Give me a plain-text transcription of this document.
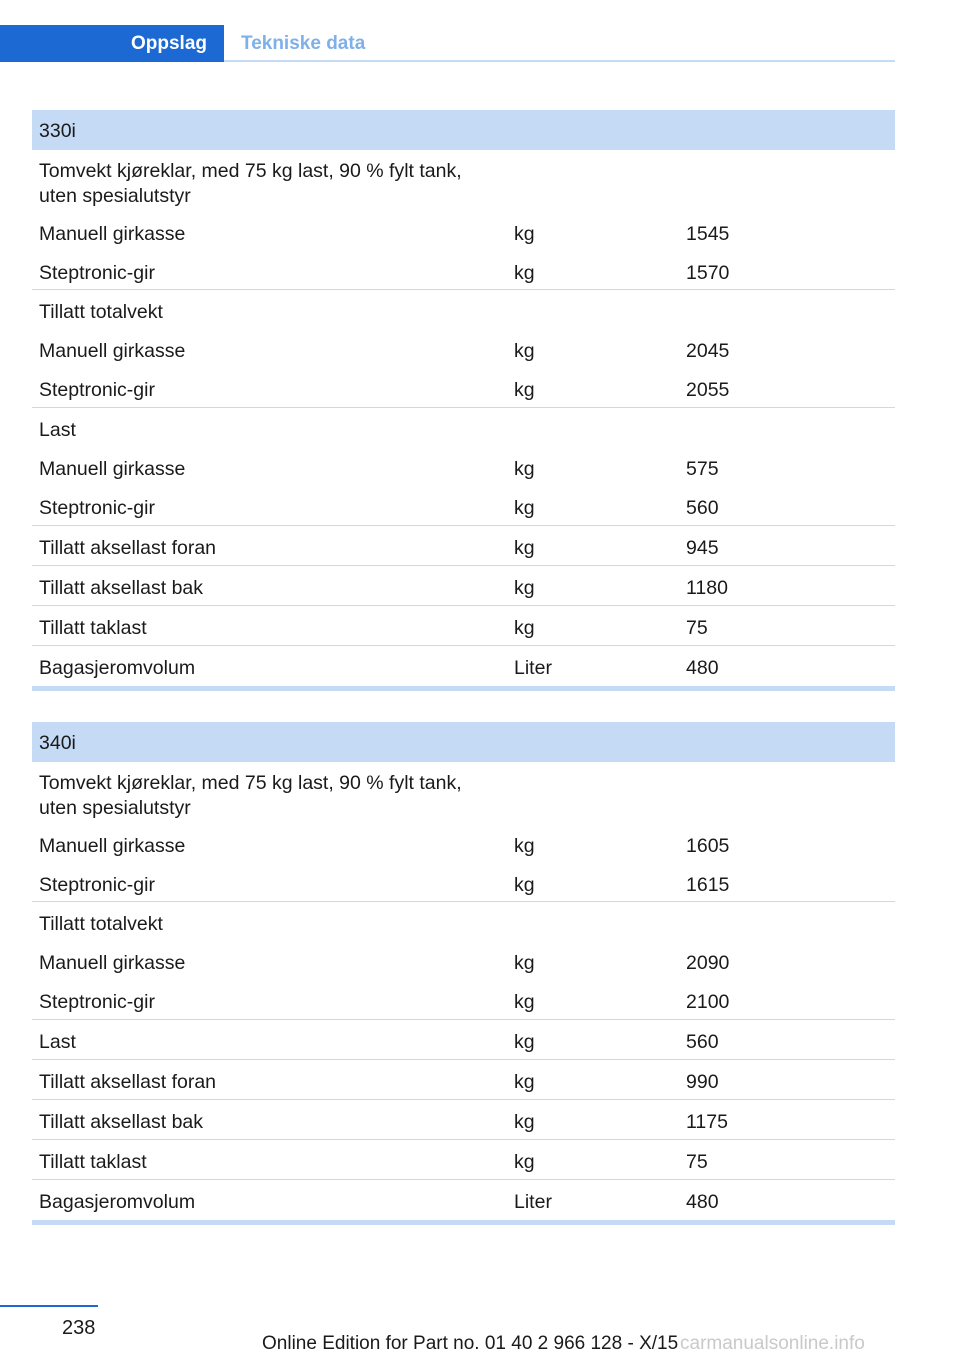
Oppslag	Tekniske data
330i
Tomvekt kjøreklar, med 75 kg last, 90 % fylt tank, uten spesialutstyr
Manuell girkasse	kg	1545
Steptronic-gir	kg	1570
Tillatt totalvekt
Manuell girkasse	kg	2045
Steptronic-gir	kg	2055
Last
Manuell girkasse	kg	575
Steptronic-gir	kg	560
Tillatt aksellast foran	kg	945
Tillatt aksellast bak	kg	1180
Tillatt taklast	kg	75
Bagasjeromvolum	Liter	480
340i
Tomvekt kjøreklar, med 75 kg last, 90 % fylt tank, uten spesialutstyr
Manuell girkasse	kg	1605
Steptronic-gir	kg	1615
Tillatt totalvekt
Manuell girkasse	kg	2090
Steptronic-gir	kg	2100
Last	kg	560
Tillatt aksellast foran	kg	990
Tillatt aksellast bak	kg	1175
Tillatt taklast	kg	75
Bagasjeromvolum	Liter	480
238
Online Edition for Part no. 01 40 2 966 128 - X/15 carmanualsonline.info
